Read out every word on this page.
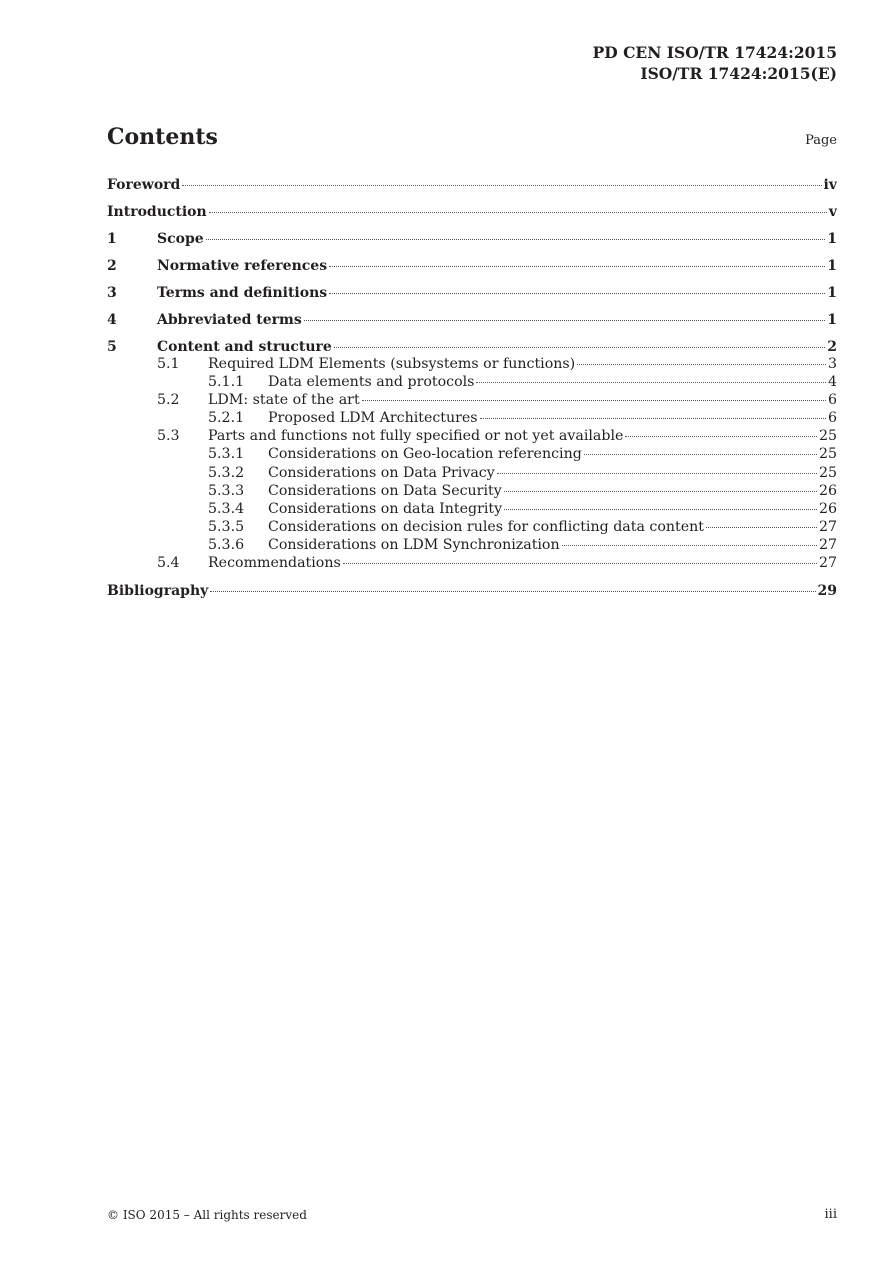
PD CEN ISO/TR 17424:2015
ISO/TR 17424:2015(E)
Contents	Page
Foreword	iv
Introduction	v
1	Scope	1
2	Normative references	1
3	Terms and definitions	1
4	Abbreviated terms	1
5	Content and structure	2
5.1	Required LDM Elements (subsystems or functions)	3
5.1.1	Data elements and protocols	4
5.2	LDM: state of the art	6
5.2.1	Proposed LDM Architectures	6
5.3	Parts and functions not fully specified or not yet available	25
5.3.1	Considerations on Geo-location referencing	25
5.3.2	Considerations on Data Privacy	25
5.3.3	Considerations on Data Security	26
5.3.4	Considerations on data Integrity	26
5.3.5	Considerations on decision rules for conflicting data content	27
5.3.6	Considerations on LDM Synchronization	27
5.4	Recommendations	27
Bibliography	29
© ISO 2015 – All rights reserved	iii
